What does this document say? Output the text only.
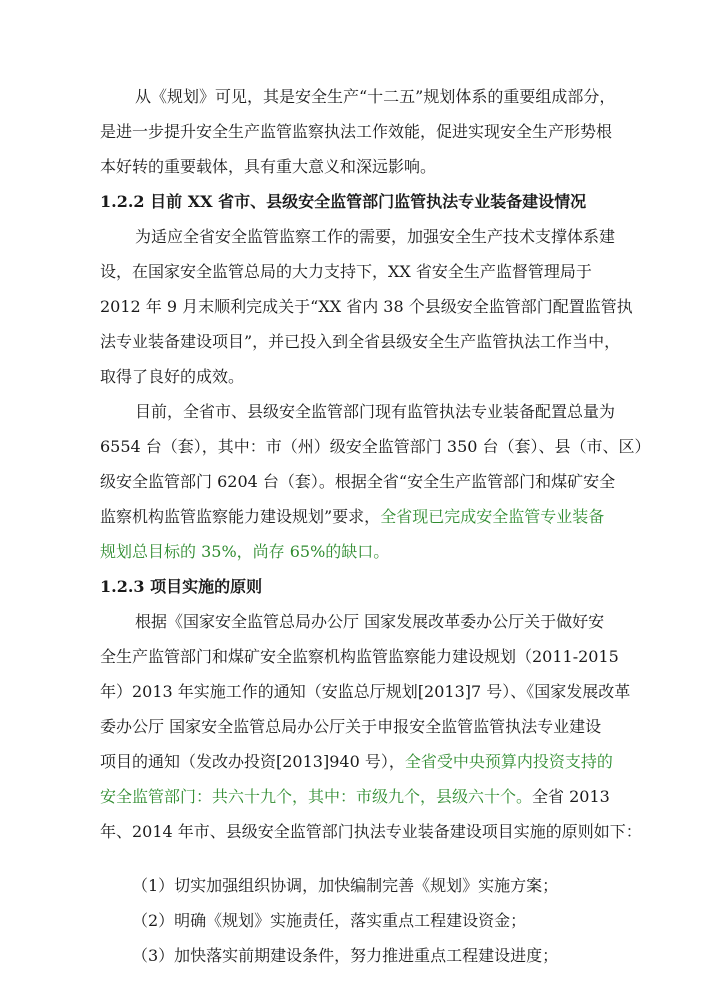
从《规划》可见，其是安全生产“十二五”规划体系的重要组成部分，
是进一步提升安全生产监管监察执法工作效能，促进实现安全生产形势根
本好转的重要载体，具有重大意义和深远影响。
1.2.2 目前 XX 省市、县级安全监管部门监管执法专业装备建设情况
为适应全省安全监管监察工作的需要，加强安全生产技术支撑体系建
设，在国家安全监管总局的大力支持下，XX 省安全生产监督管理局于
2012 年 9 月末顺利完成关于“XX 省内 38 个县级安全监管部门配置监管执
法专业装备建设项目”，并已投入到全省县级安全生产监管执法工作当中，
取得了良好的成效。
目前，全省市、县级安全监管部门现有监管执法专业装备配置总量为
6554 台（套），其中：市（州）级安全监管部门 350 台（套）、县（市、区）
级安全监管部门 6204 台（套）。根据全省“安全生产监管部门和煤矿安全
监察机构监管监察能力建设规划”要求，全省现已完成安全监管专业装备
规划总目标的 35%，尚存 65%的缺口。
1.2.3 项目实施的原则
根据《国家安全监管总局办公厅 国家发展改革委办公厅关于做好安
全生产监管部门和煤矿安全监察机构监管监察能力建设规划（2011-2015
年）2013 年实施工作的通知（安监总厅规划[2013]7 号）、《国家发展改革
委办公厅 国家安全监管总局办公厅关于申报安全监管监管执法专业建设
项目的通知（发改办投资[2013]940 号），全省受中央预算内投资支持的
安全监管部门：共六十九个，其中：市级九个，县级六十个。全省 2013
年、2014 年市、县级安全监管部门执法专业装备建设项目实施的原则如下：
（1）切实加强组织协调，加快编制完善《规划》实施方案；
（2）明确《规划》实施责任，落实重点工程建设资金；
（3）加快落实前期建设条件，努力推进重点工程建设进度；
